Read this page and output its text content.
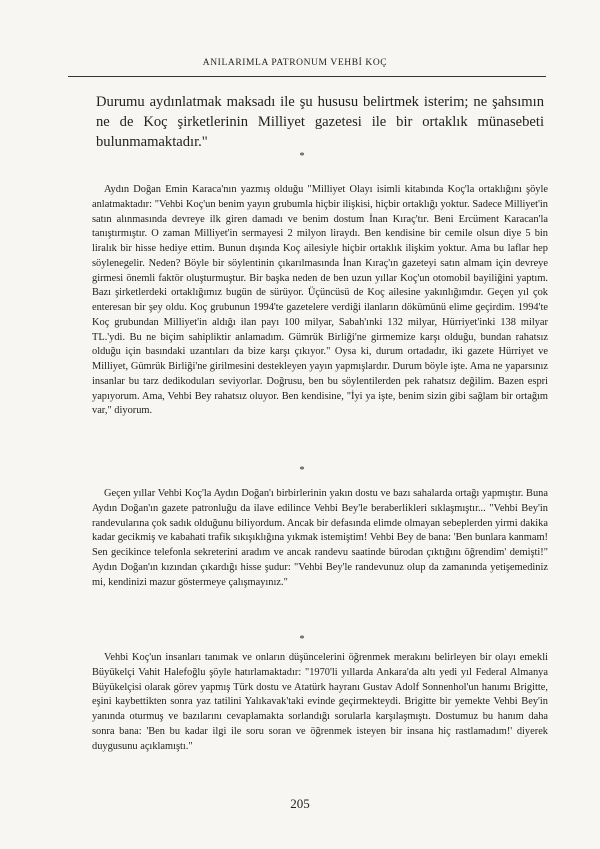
ANILARIMLA PATRONUM VEHBİ KOÇ

Durumu aydınlatmak maksadı ile şu hususu belirtmek isterim; ne şahsımın ne de Koç şirketlerinin Milliyet gazetesi ile bir ortaklık münasebeti bulunmamaktadır."

*

Aydın Doğan Emin Karaca'nın yazmış olduğu "Milliyet Olayı isimli kitabında Koç'la ortaklığını şöyle anlatmaktadır: "Vehbi Koç'un benim yayın grubumla hiçbir ilişkisi, hiçbir ortaklığı yoktur. Sadece Milliyet'in satın alınmasında devreye ilk giren damadı ve benim dostum İnan Kıraç'tır. Beni Ercüment Karacan'la tanıştırmıştır. O zaman Milliyet'in sermayesi 2 milyon liraydı. Ben kendisine bir cemile olsun diye 5 bin liralık bir hisse hediye ettim. Bunun dışında Koç ailesiyle hiçbir ortaklık ilişkim yoktur. Ama bu laflar hep söylenegelir. Neden? Böyle bir söylentinin çıkarılmasında İnan Kıraç'ın gazeteyi satın almam için devreye girmesi önemli faktör oluşturmuştur. Bir başka neden de ben uzun yıllar Koç'un otomobil bayiliğini yaptım. Bazı şirketlerdeki ortaklığımız bugün de sürüyor. Üçüncüsü de Koç ailesine yakınlığımdır. Geçen yıl çok enteresan bir şey oldu. Koç grubunun 1994'te gazetelere verdiği ilanların dökümünü elime geçirdim. 1994'te Koç grubundan Milliyet'in aldığı ilan payı 100 milyar, Sabah'ınki 132 milyar, Hürriyet'inki 138 milyar TL.'ydi. Bu ne biçim sahipliktir anlamadım. Gümrük Birliği'ne girmemize karşı olduğu, bundan rahatsız olduğu için basındaki uzantıları da bize karşı çıkıyor." Oysa ki, durum ortadadır, iki gazete Hürriyet ve Milliyet, Gümrük Birliği'ne girilmesini destekleyen yayın yapmışlardır. Durum böyle işte. Ama ne yaparsınız insanlar bu tarz dedikoduları seviyorlar. Doğrusu, ben bu söylentilerden pek rahatsız değilim. Bazen espri yapıyorum. Ama, Vehbi Bey rahatsız oluyor. Ben kendisine, "İyi ya işte, benim sizin gibi sağlam bir ortağım var," diyorum.

*

Geçen yıllar Vehbi Koç'la Aydın Doğan'ı birbirlerinin yakın dostu ve bazı sahalarda ortağı yapmıştır. Buna Aydın Doğan'ın gazete patronluğu da ilave edilince Vehbi Bey'le beraberlikleri sıklaşmıştır... "Vehbi Bey'in randevularına çok sadık olduğunu biliyordum. Ancak bir defasında elimde olmayan sebeplerden yirmi dakika kadar gecikmiş ve kabahati trafik sıkışıklığına yıkmak istemiştim! Vehbi Bey de bana: 'Ben bunlara kanmam! Sen gecikince telefonla sekreterini aradım ve ancak randevu saatinde bürodan çıktığını öğrendim' demişti!" Aydın Doğan'ın kızından çıkardığı hisse şudur: "Vehbi Bey'le randevunuz olup da zamanında yetişemediniz mi, kendinizi mazur göstermeye çalışmayınız."

*

Vehbi Koç'un insanları tanımak ve onların düşüncelerini öğrenmek merakını belirleyen bir olayı emekli Büyükelçi Vahit Halefoğlu şöyle hatırlamaktadır: "1970'li yıllarda Ankara'da altı yedi yıl Federal Almanya Büyükelçisi olarak görev yapmış Türk dostu ve Atatürk hayranı Gustav Adolf Sonnenhol'un hanımı Brigitte, eşini kaybettikten sonra yaz tatilini Yalıkavak'taki evinde geçirmekteydi. Brigitte bir yemekte Vehbi Bey'in yanında oturmuş ve bazılarını cevaplamakta sorlandığı sorularla karşılaşmıştı. Dostumuz bu hanım daha sonra bana: 'Ben bu kadar ilgi ile soru soran ve öğrenmek isteyen bir insana hiç rastlamadım!' diyerek duygusunu açıklamıştı."

205
